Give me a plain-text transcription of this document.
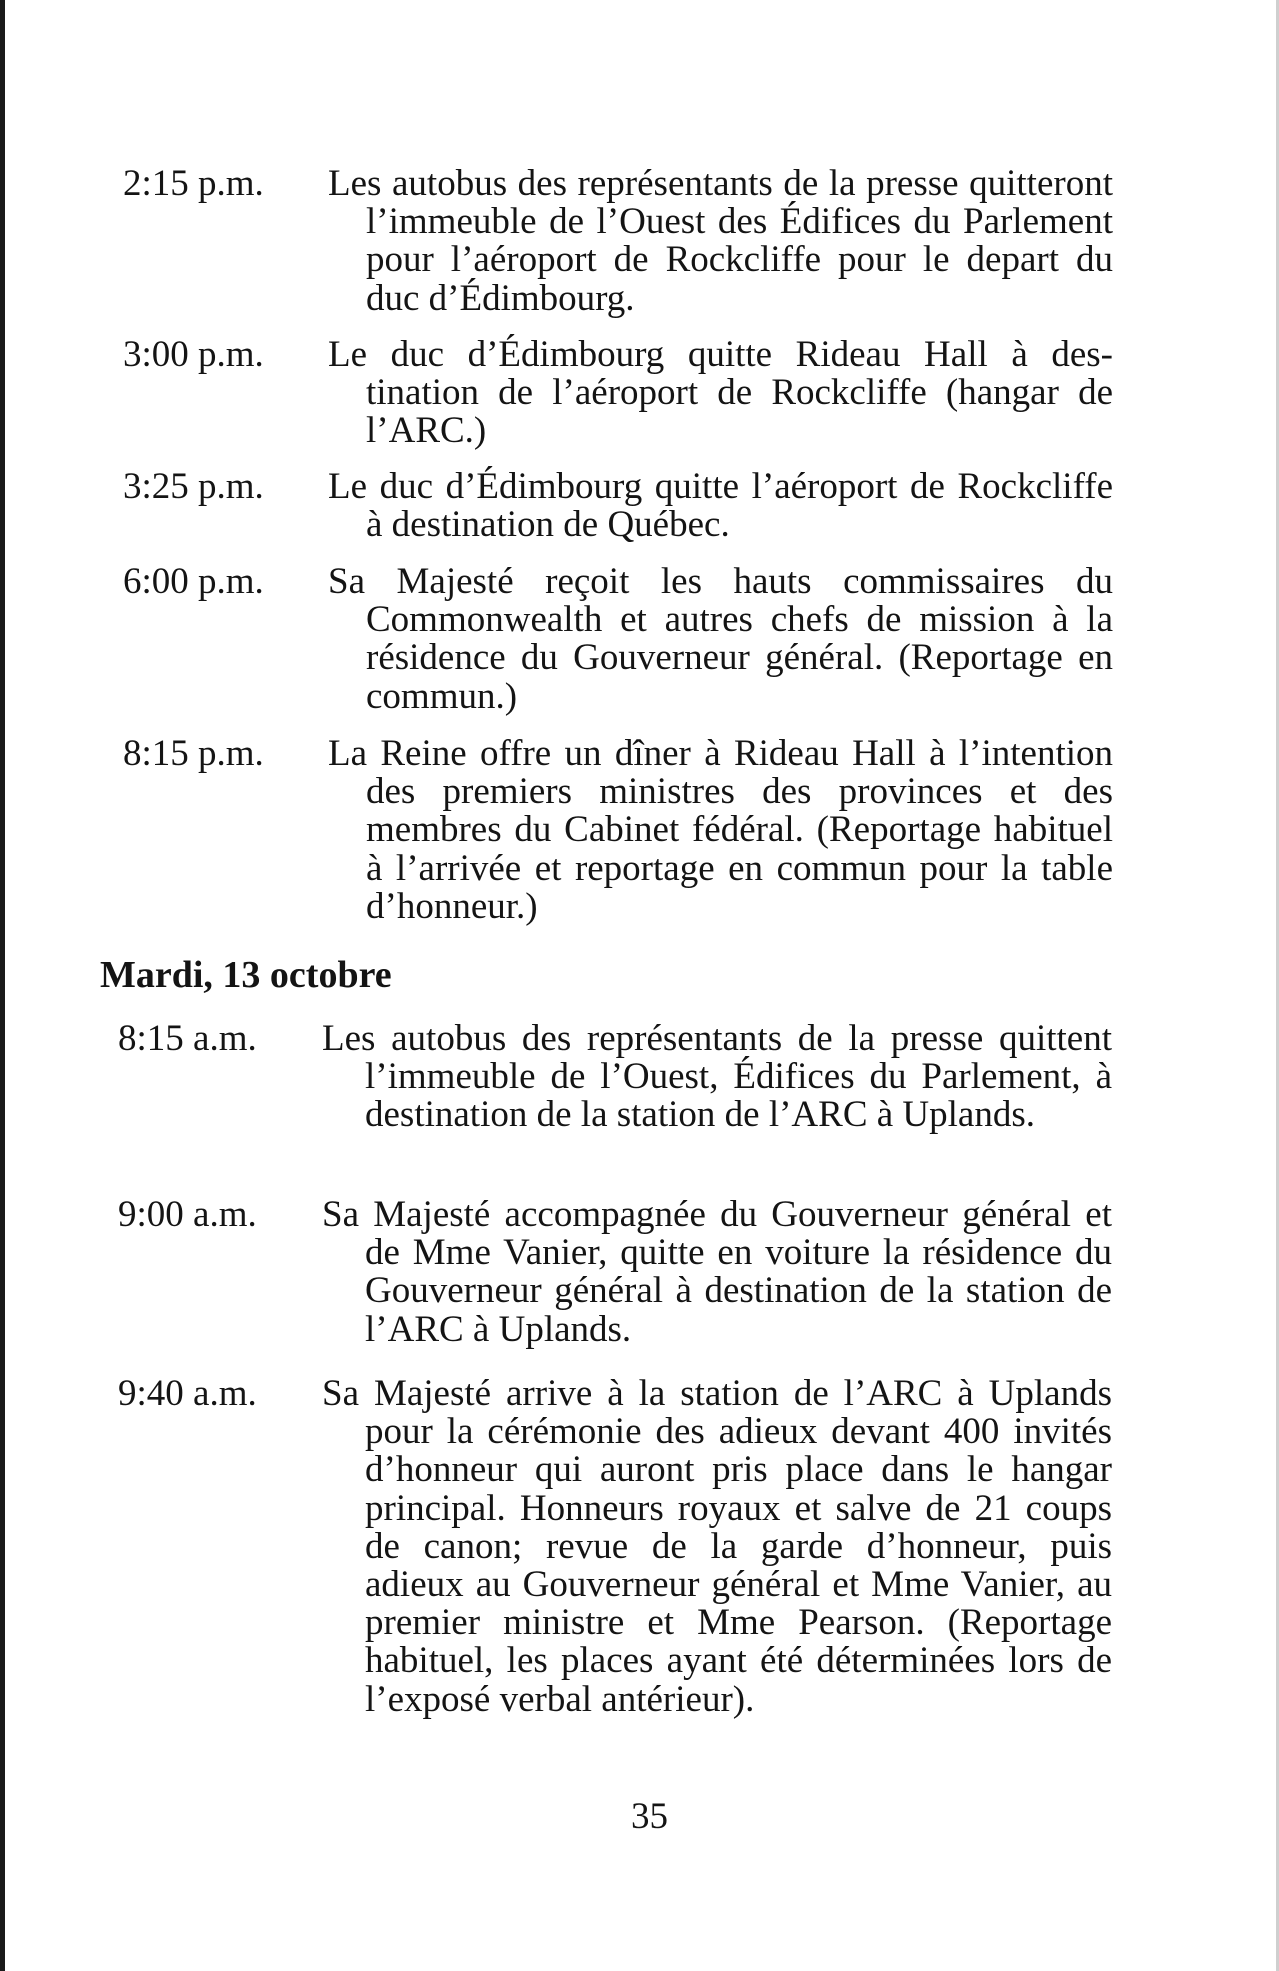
2:15 p.m. Les autobus des représentants de la presse quitteront l’immeuble de l’Ouest des Édifices du Parlement pour l’aéroport de Rockcliffe pour le depart du duc d’Édimbourg.
3:00 p.m. Le duc d’Édimbourg quitte Rideau Hall à destination de l’aéroport de Rockcliffe (hangar de l’ARC.)
3:25 p.m. Le duc d’Édimbourg quitte l’aéroport de Rockcliffe à destination de Québec.
6:00 p.m. Sa Majesté reçoit les hauts commissaires du Commonwealth et autres chefs de mission à la résidence du Gouverneur général. (Reportage en commun.)
8:15 p.m. La Reine offre un dîner à Rideau Hall à l’intention des premiers ministres des provinces et des membres du Cabinet fédéral. (Reportage habituel à l’arrivée et reportage en commun pour la table d’honneur.)
Mardi, 13 octobre
8:15 a.m. Les autobus des représentants de la presse quittent l’immeuble de l’Ouest, Édifices du Parlement, à destination de la station de l’ARC à Uplands.
9:00 a.m. Sa Majesté accompagnée du Gouverneur général et de Mme Vanier, quitte en voiture la résidence du Gouverneur général à destination de la station de l’ARC à Uplands.
9:40 a.m. Sa Majesté arrive à la station de l’ARC à Uplands pour la cérémonie des adieux devant 400 invités d’honneur qui auront pris place dans le hangar principal. Honneurs royaux et salve de 21 coups de canon; revue de la garde d’honneur, puis adieux au Gouverneur général et Mme Vanier, au premier ministre et Mme Pearson. (Reportage habituel, les places ayant été déterminées lors de l’exposé verbal antérieur).
35
